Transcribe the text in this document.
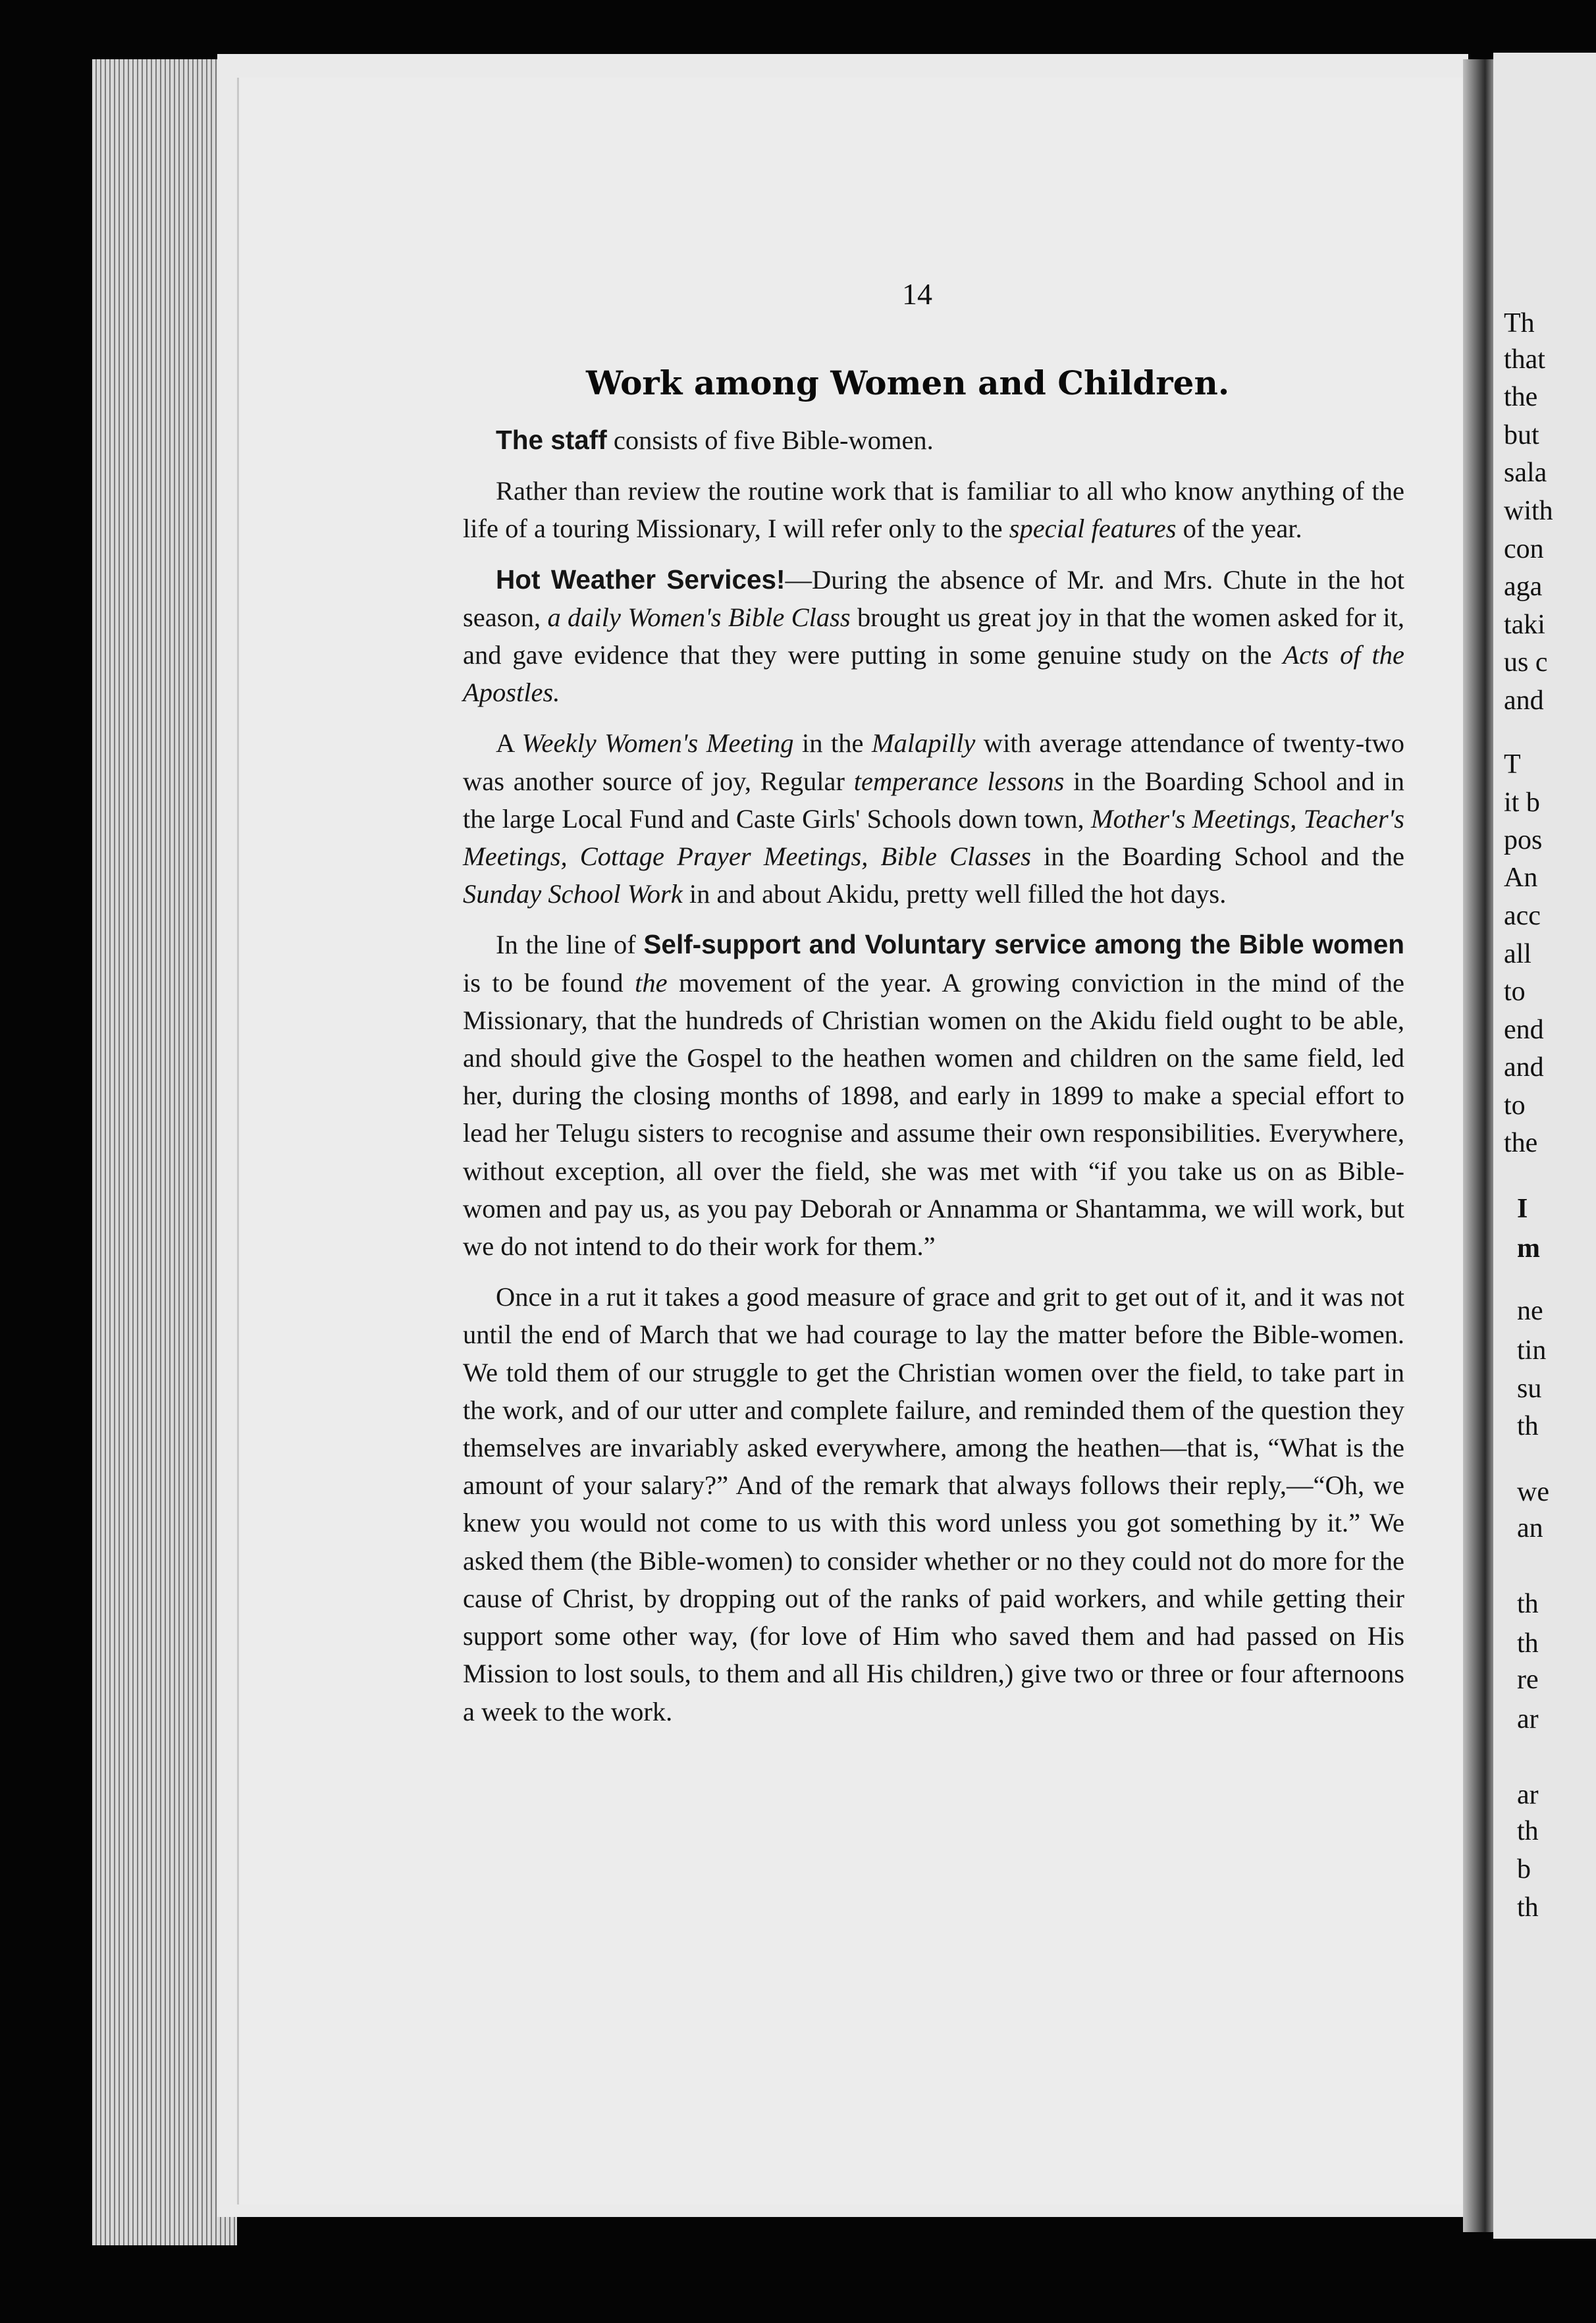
Th
that
the
but
sala
with
con
aga
taki
us c
and
T
it b
pos
An
acc
all
to
end
and
to
the
I
m
ne
tin
su
th
we
an
th
th
re
ar
ar
th
b
th
14
Work among Women and Children.

The staff consists of five Bible-women.

Rather than review the routine work that is familiar to all who know anything of the life of a touring Missionary, I will refer only to the special features of the year.

Hot Weather Services!—During the absence of Mr. and Mrs. Chute in the hot season, a daily Women's Bible Class brought us great joy in that the women asked for it, and gave evidence that they were putting in some genuine study on the Acts of the Apostles.

A Weekly Women's Meeting in the Malapilly with average attendance of twenty-two was another source of joy, Regular temperance lessons in the Boarding School and in the large Local Fund and Caste Girls' Schools down town, Mother's Meetings, Teacher's Meetings, Cottage Prayer Meetings, Bible Classes in the Boarding School and the Sunday School Work in and about Akidu, pretty well filled the hot days.

In the line of Self-support and Voluntary service among the Bible women is to be found the movement of the year. A growing conviction in the mind of the Missionary, that the hundreds of Christian women on the Akidu field ought to be able, and should give the Gospel to the heathen women and children on the same field, led her, during the closing months of 1898, and early in 1899 to make a special effort to lead her Telugu sisters to recognise and assume their own responsibilities. Everywhere, without exception, all over the field, she was met with “if you take us on as Bible-women and pay us, as you pay Deborah or Annamma or Shantamma, we will work, but we do not intend to do their work for them.”

Once in a rut it takes a good measure of grace and grit to get out of it, and it was not until the end of March that we had courage to lay the matter before the Bible-women. We told them of our struggle to get the Christian women over the field, to take part in the work, and of our utter and complete failure, and reminded them of the question they themselves are invariably asked everywhere, among the heathen—that is, “What is the amount of your salary?” And of the remark that always follows their reply,—“Oh, we knew you would not come to us with this word unless you got something by it.” We asked them (the Bible-women) to consider whether or no they could not do more for the cause of Christ, by dropping out of the ranks of paid workers, and while getting their support some other way, (for love of Him who saved them and had passed on His Mission to lost souls, to them and all His children,) give two or three or four afternoons a week to the work.
